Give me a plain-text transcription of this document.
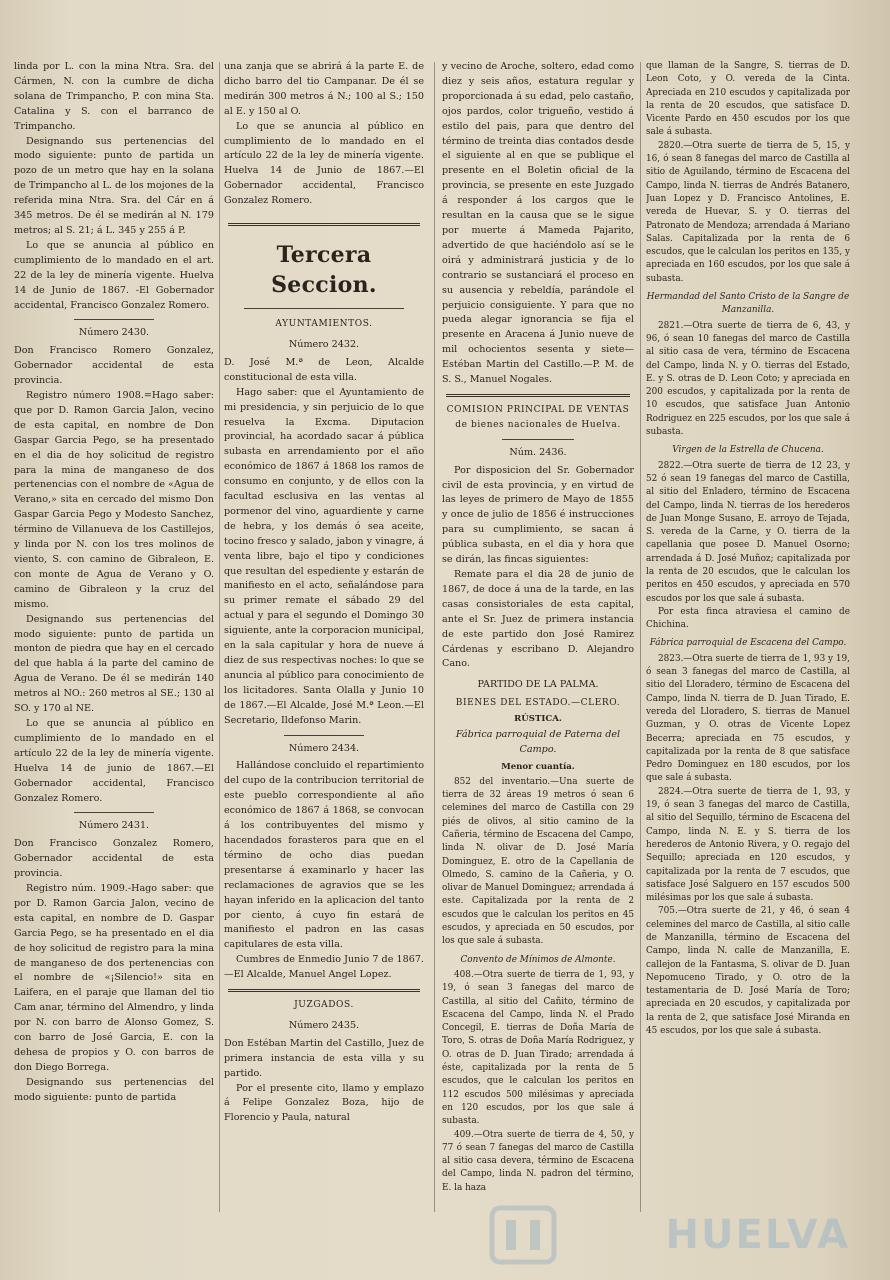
linda por L. con la mina Ntra. Sra. del Cármen, N. con la cumbre de dicha solana de Trimpancho, P. con mina Sta. Catalina y S. con el barranco de Trimpancho.

Designando sus pertenencias del modo siguiente: punto de partida un pozo de un metro que hay en la solana de Trimpancho al L. de los mojones de la referida mina Ntra. Sra. del Cár en á 345 metros. De él se medirán al N. 179 metros; al S. 21; á L. 345 y 255 á P.

Lo que se anuncia al público en cumplimiento de lo mandado en el art. 22 de la ley de minería vigente. Huelva 14 de Junio de 1867. -El Gobernador accidental, Francisco Gonzalez Romero.

Número 2430.

Don Francisco Romero Gonzalez, Gobernador accidental de esta provincia.

Registro número 1908.=Hago saber: que por D. Ramon Garcia Jalon, vecino de esta capital, en nombre de Don Gaspar Garcia Pego, se ha presentado en el dia de hoy solicitud de registro para la mina de manganeso de dos pertenencias con el nombre de «Agua de Verano,» sita en cercado del mismo Don Gaspar Garcia Pego y Modesto Sanchez, término de Villanueva de los Castillejos, y linda por N. con los tres molinos de viento, S. con camino de Gibraleon, E. con monte de Agua de Verano y O. camino de Gibraleon y la cruz del mismo.

Designando sus pertenencias del modo siguiente: punto de partida un monton de piedra que hay en el cercado del que habla á la parte del camino de Agua de Verano. De él se medirán 140 metros al NO.: 260 metros al SE.; 130 al SO. y 170 al NE.

Lo que se anuncia al público en cumplimiento de lo mandado en el artículo 22 de la ley de minería vigente. Huelva 14 de junio de 1867.—El Gobernador accidental, Francisco Gonzalez Romero.

Número 2431.

Don Francisco Gonzalez Romero, Gobernador accidental de esta provincia.

Registro núm. 1909.-Hago saber: que por D. Ramon Garcia Jalon, vecino de esta capital, en nombre de D. Gaspar Garcia Pego, se ha presentado en el dia de hoy solicitud de registro para la mina de manganeso de dos pertenencias con el nombre de «¡Silencio!» sita en Laifera, en el paraje que llaman del tio Cam anar, término del Almendro, y linda por N. con barro de Alonso Gomez, S. con barro de José Garcia, E. con la dehesa de propios y O. con barros de don Diego Borrega.

Designando sus pertenencias del modo siguiente: punto de partida

una zanja que se abrirá á la parte E. de dicho barro del tio Campanar. De él se medirán 300 metros á N.; 100 al S.; 150 al E. y 150 al O.

Lo que se anuncia al público en cumplimiento de lo mandado en el artículo 22 de la ley de minería vigente. Huelva 14 de Junio de 1867.—El Gobernador accidental, Francisco Gonzalez Romero.

Tercera Seccion.
AYUNTAMIENTOS.
Número 2432.

D. José M.ª de Leon, Alcalde constitucional de esta villa.

Hago saber: que el Ayuntamiento de mi presidencia, y sin perjuicio de lo que resuelva la Excma. Diputacion provincial, ha acordado sacar á pública subasta en arrendamiento por el año económico de 1867 á 1868 los ramos de consumo en conjunto, y de ellos con la facultad esclusiva en las ventas al pormenor del vino, aguardiente y carne de hebra, y los demás ó sea aceite, tocino fresco y salado, jabon y vinagre, á venta libre, bajo el tipo y condiciones que resultan del espediente y estarán de manifiesto en el acto, señalándose para su primer remate el sábado 29 del actual y para el segundo el Domingo 30 siguiente, ante la corporacion municipal, en la sala capitular y hora de nueve á diez de sus respectivas noches: lo que se anuncia al público para conocimiento de los licitadores. Santa Olalla y Junio 10 de 1867.—El Alcalde, José M.ª Leon.—El Secretario, Ildefonso Marin.

Número 2434.

Hallándose concluido el repartimiento del cupo de la contribucion territorial de este pueblo correspondiente al año económico de 1867 á 1868, se convocan á los contribuyentes del mismo y hacendados forasteros para que en el término de ocho dias puedan presentarse á examinarlo y hacer las reclamaciones de agravios que se les hayan inferido en la aplicacion del tanto por ciento, á cuyo fin estará de manifiesto el padron en las casas capitulares de esta villa.

Cumbres de Enmedio Junio 7 de 1867.—El Alcalde, Manuel Angel Lopez.

JUZGADOS.
Número 2435.

Don Estéban Martin del Castillo, Juez de primera instancia de esta villa y su partido.

Por el presente cito, llamo y emplazo á Felipe Gonzalez Boza, hijo de Florencio y Paula, natural

y vecino de Aroche, soltero, edad como diez y seis años, estatura regular y proporcionada á su edad, pelo castaño, ojos pardos, color trigueño, vestido á estilo del pais, para que dentro del término de treinta dias contados desde el siguiente al en que se publique el presente en el Boletin oficial de la provincia, se presente en este Juzgado á responder á los cargos que le resultan en la causa que se le sigue por muerte á Mameda Pajarito, advertido de que haciéndolo así se le oirá y administrará justicia y de lo contrario se sustanciará el proceso en su ausencia y rebeldía, parándole el perjuicio consiguiente. Y para que no pueda alegar ignorancia se fija el presente en Aracena á Junio nueve de mil ochocientos sesenta y siete—Estéban Martin del Castillo.—P. M. de S. S., Manuel Nogales.

COMISION PRINCIPAL DE VENTAS de bienes nacionales de Huelva.
Núm. 2436.

Por disposicion del Sr. Gobernador civil de esta provincia, y en virtud de las leyes de primero de Mayo de 1855 y once de julio de 1856 é instrucciones para su cumplimiento, se sacan á pública subasta, en el dia y hora que se dirán, las fincas siguientes:

Remate para el dia 28 de junio de 1867, de doce á una de la tarde, en las casas consistoriales de esta capital, ante el Sr. Juez de primera instancia de este partido don José Ramirez Cárdenas y escribano D. Alejandro Cano.

PARTIDO DE LA PALMA.
BIENES DEL ESTADO.—CLERO.
RÚSTICA.
Fábrica parroquial de Paterna del Campo.
Menor cuantía.

852 del inventario.—Una suerte de tierra de 32 áreas 19 metros ó sean 6 celemines del marco de Castilla con 29 piés de olivos, al sitio camino de la Cañeria, término de Escacena del Campo, linda N. olivar de D. José María Dominguez, E. otro de la Capellania de Olmedo, S. camino de la Cañeria, y O. olivar de Manuel Dominguez; arrendada á este. Capitalizada por la renta de 2 escudos que le calculan los peritos en 45 escudos, y apreciada en 50 escudos, por los que sale á subasta.

Convento de Mínimos de Almonte.

408.—Otra suerte de tierra de 1, 93, y 19, ó sean 3 fanegas del marco de Castilla, al sitio del Cañito, término de Escacena del Campo, linda N. el Prado Concegil, E. tierras de Doña María de Toro, S. otras de Doña María Rodriguez, y O. otras de D. Juan Tirado; arrendada á éste, capitalizada por la renta de 5 escudos, que le calculan los peritos en 112 escudos 500 milésimas y apreciada en 120 escudos, por los que sale á subasta.

409.—Otra suerte de tierra de 4, 50, y 77 ó sean 7 fanegas del marco de Castilla al sitio casa devera, término de Escacena del Campo, linda N. padron del término, E. la haza

que llaman de la Sangre, S. tierras de D. Leon Coto, y O. vereda de la Cinta. Apreciada en 210 escudos y capitalizada por la renta de 20 escudos, que satisface D. Vicente Pardo en 450 escudos por los que sale á subasta.

2820.—Otra suerte de tierra de 5, 15, y 16, ó sean 8 fanegas del marco de Castilla al sitio de Aguilando, término de Escacena del Campo, linda N. tierras de Andrés Batanero, Juan Lopez y D. Francisco Antolines, E. vereda de Huevar, S. y O. tierras del Patronato de Mendoza; arrendada á Mariano Salas. Capitalizada por la renta de 6 escudos, que le calculan los peritos en 135, y apreciada en 160 escudos, por los que sale á subasta.

Hermandad del Santo Cristo de la Sangre de Manzanilla.

2821.—Otra suerte de tierra de 6, 43, y 96, ó sean 10 fanegas del marco de Castilla al sitio casa de vera, término de Escacena del Campo, linda N. y O. tierras del Estado, E. y S. otras de D. Leon Coto; y apreciada en 200 escudos, y capitalizada por la renta de 10 escudos, que satisface Juan Antonio Rodriguez en 225 escudos, por los que sale á subasta.

Virgen de la Estrella de Chucena.

2822.—Otra suerte de tierra de 12 23, y 52 ó sean 19 fanegas del marco de Castilla, al sitio del Enladero, término de Escacena del Campo, linda N. tierras de los herederos de Juan Monge Susano, E. arroyo de Tejada, S. vereda de la Carne, y O. tierra de la capellania que posee D. Manuel Osorno; arrendada á D. José Muñoz; capitalizada por la renta de 20 escudos, que le calculan los peritos en 450 escudos, y apreciada en 570 escudos por los que sale á subasta.

Por esta finca atraviesa el camino de Chichina.

Fábrica parroquial de Escacena del Campo.

2823.—Otra suerte de tierra de 1, 93 y 19, ó sean 3 fanegas del marco de Castilla, al sitio del Lloradero, término de Escacena del Campo, linda N. tierra de D. Juan Tirado, E. vereda del Lloradero, S. tierras de Manuel Guzman, y O. otras de Vicente Lopez Becerra; apreciada en 75 escudos, y capitalizada por la renta de 8 que satisface Pedro Dominguez en 180 escudos, por los que sale á subasta.

2824.—Otra suerte de tierra de 1, 93, y 19, ó sean 3 fanegas del marco de Castilla, al sitio del Sequillo, término de Escacena del Campo, linda N. E. y S. tierra de los herederos de Antonio Rivera, y O. regajo del Sequillo; apreciada en 120 escudos, y capitalizada por la renta de 7 escudos, que satisface José Salguero en 157 escudos 500 milésimas por los que sale á subasta.

705.—Otra suerte de 21, y 46, ó sean 4 celemines del marco de Castilla, al sitio calle de Manzanilla, término de Escacena del Campo, linda N. calle de Manzanilla, E. callejon de la Fantasma, S. olivar de D. Juan Nepomuceno Tirado, y O. otro de la testamentaria de D. José María de Toro; apreciada en 20 escudos, y capitalizada por la renta de 2, que satisface José Miranda en 45 escudos, por los que sale á subasta.

HUELVA
